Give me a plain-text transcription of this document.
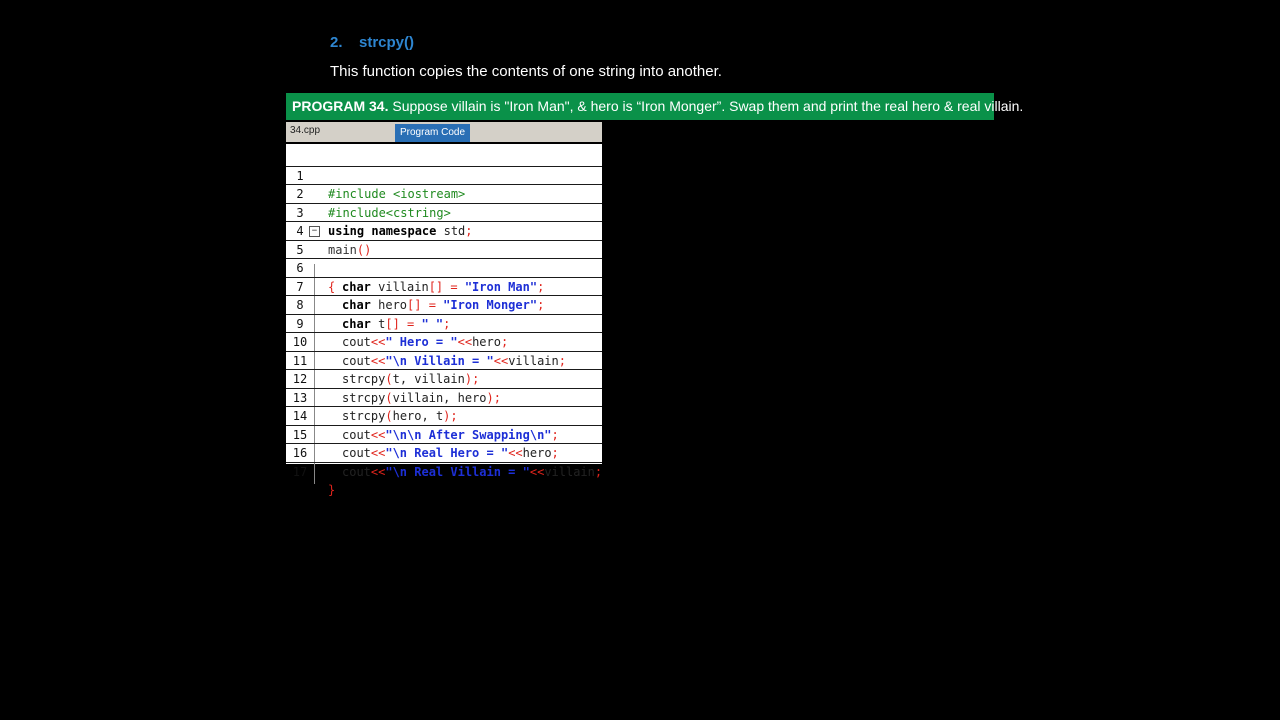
2. strcpy()
This function copies the contents of one string into another.
PROGRAM 34. Suppose villain is "Iron Man", & hero is “Iron Monger”. Swap them and print the real hero & real villain.
34.cpp	Program Code

1

#include <iostream>

2

#include<cstring>

3

using namespace std;

4

main()

5

−

{

6

char villain[] = "Iron Man";

7

char hero[] = "Iron Monger";

8

char t[] = " ";

9

cout<<" Hero = "<<hero;

10

cout<<"\n Villain = "<<villain;

11

strcpy(t, villain);

12

strcpy(villain, hero);

13

strcpy(hero, t);

14

cout<<"\n\n After Swapping\n";

15

cout<<"\n Real Hero = "<<hero;

16

cout<<"\n Real Villain = "<<villain;

17

}
